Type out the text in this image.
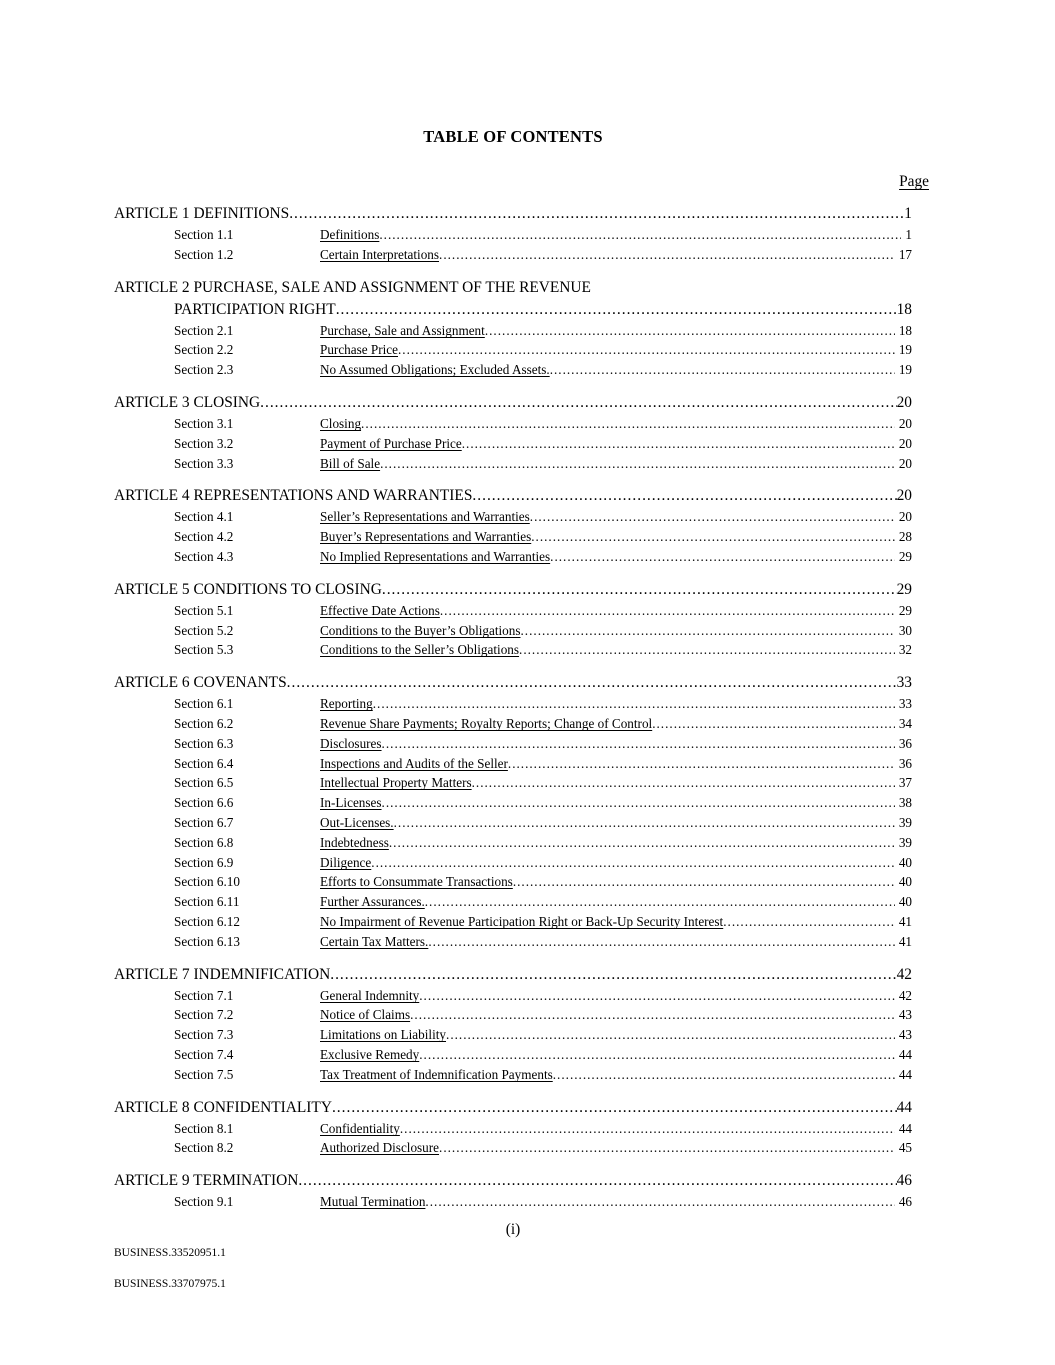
TABLE OF CONTENTS
Page
ARTICLE 1 DEFINITIONS .....	1
Section 1.1	Definitions .....	1
Section 1.2	Certain Interpretations .....	17
ARTICLE 2 PURCHASE, SALE AND ASSIGNMENT OF THE REVENUE
PARTICIPATION RIGHT .....	18
Section 2.1	Purchase, Sale and Assignment .....	18
Section 2.2	Purchase Price .....	19
Section 2.3	No Assumed Obligations; Excluded Assets. .....	19
ARTICLE 3 CLOSING .....	20
Section 3.1	Closing .....	20
Section 3.2	Payment of Purchase Price .....	20
Section 3.3	Bill of Sale .....	20
ARTICLE 4 REPRESENTATIONS AND WARRANTIES .....	20
Section 4.1	Seller’s Representations and Warranties .....	20
Section 4.2	Buyer’s Representations and Warranties .....	28
Section 4.3	No Implied Representations and Warranties .....	29
ARTICLE 5 CONDITIONS TO CLOSING .....	29
Section 5.1	Effective Date Actions .....	29
Section 5.2	Conditions to the Buyer’s Obligations .....	30
Section 5.3	Conditions to the Seller’s Obligations .....	32
ARTICLE 6 COVENANTS .....	33
Section 6.1	Reporting .....	33
Section 6.2	Revenue Share Payments; Royalty Reports; Change of Control .....	34
Section 6.3	Disclosures .....	36
Section 6.4	Inspections and Audits of the Seller .....	36
Section 6.5	Intellectual Property Matters .....	37
Section 6.6	In-Licenses .....	38
Section 6.7	Out-Licenses. .....	39
Section 6.8	Indebtedness .....	39
Section 6.9	Diligence .....	40
Section 6.10	Efforts to Consummate Transactions .....	40
Section 6.11	Further Assurances. .....	40
Section 6.12	No Impairment of Revenue Participation Right or Back-Up Security Interest .....	41
Section 6.13	Certain Tax Matters. .....	41
ARTICLE 7 INDEMNIFICATION .....	42
Section 7.1	General Indemnity .....	42
Section 7.2	Notice of Claims .....	43
Section 7.3	Limitations on Liability .....	43
Section 7.4	Exclusive Remedy .....	44
Section 7.5	Tax Treatment of Indemnification Payments .....	44
ARTICLE 8 CONFIDENTIALITY .....	44
Section 8.1	Confidentiality .....	44
Section 8.2	Authorized Disclosure .....	45
ARTICLE 9 TERMINATION .....	46
Section 9.1	Mutual Termination .....	46
(i)
BUSINESS.33520951.1
BUSINESS.33707975.1
